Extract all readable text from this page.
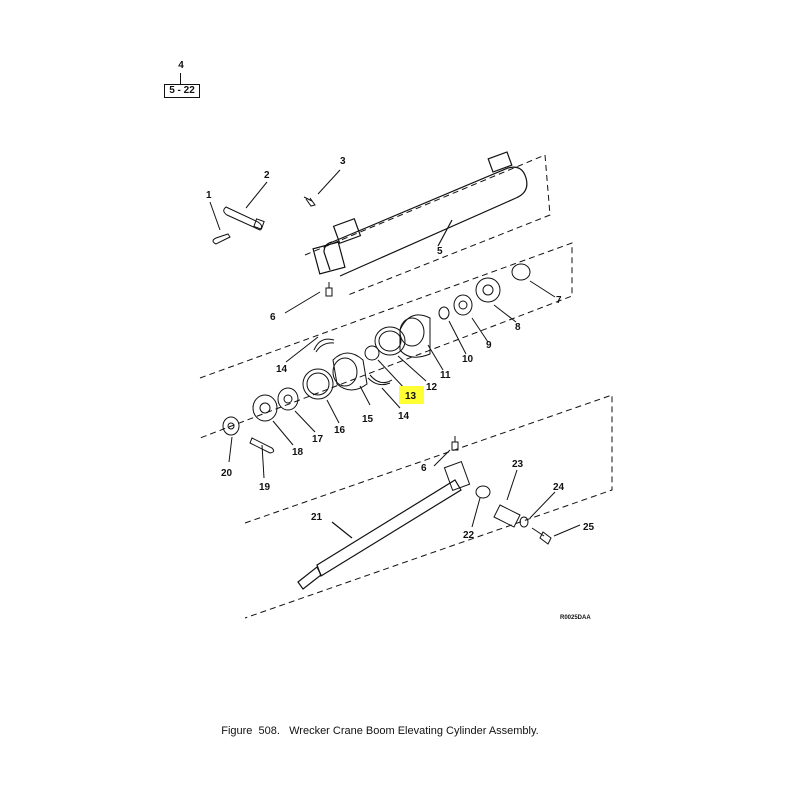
4
5 - 22
1
2
3
5
6
7
8
9
10
11
12
13
14
14
15
16
17
18
19
20
21
6
22
23
24
25
R0025DAA
Figure  508.   Wrecker Crane Boom Elevating Cylinder Assembly.
